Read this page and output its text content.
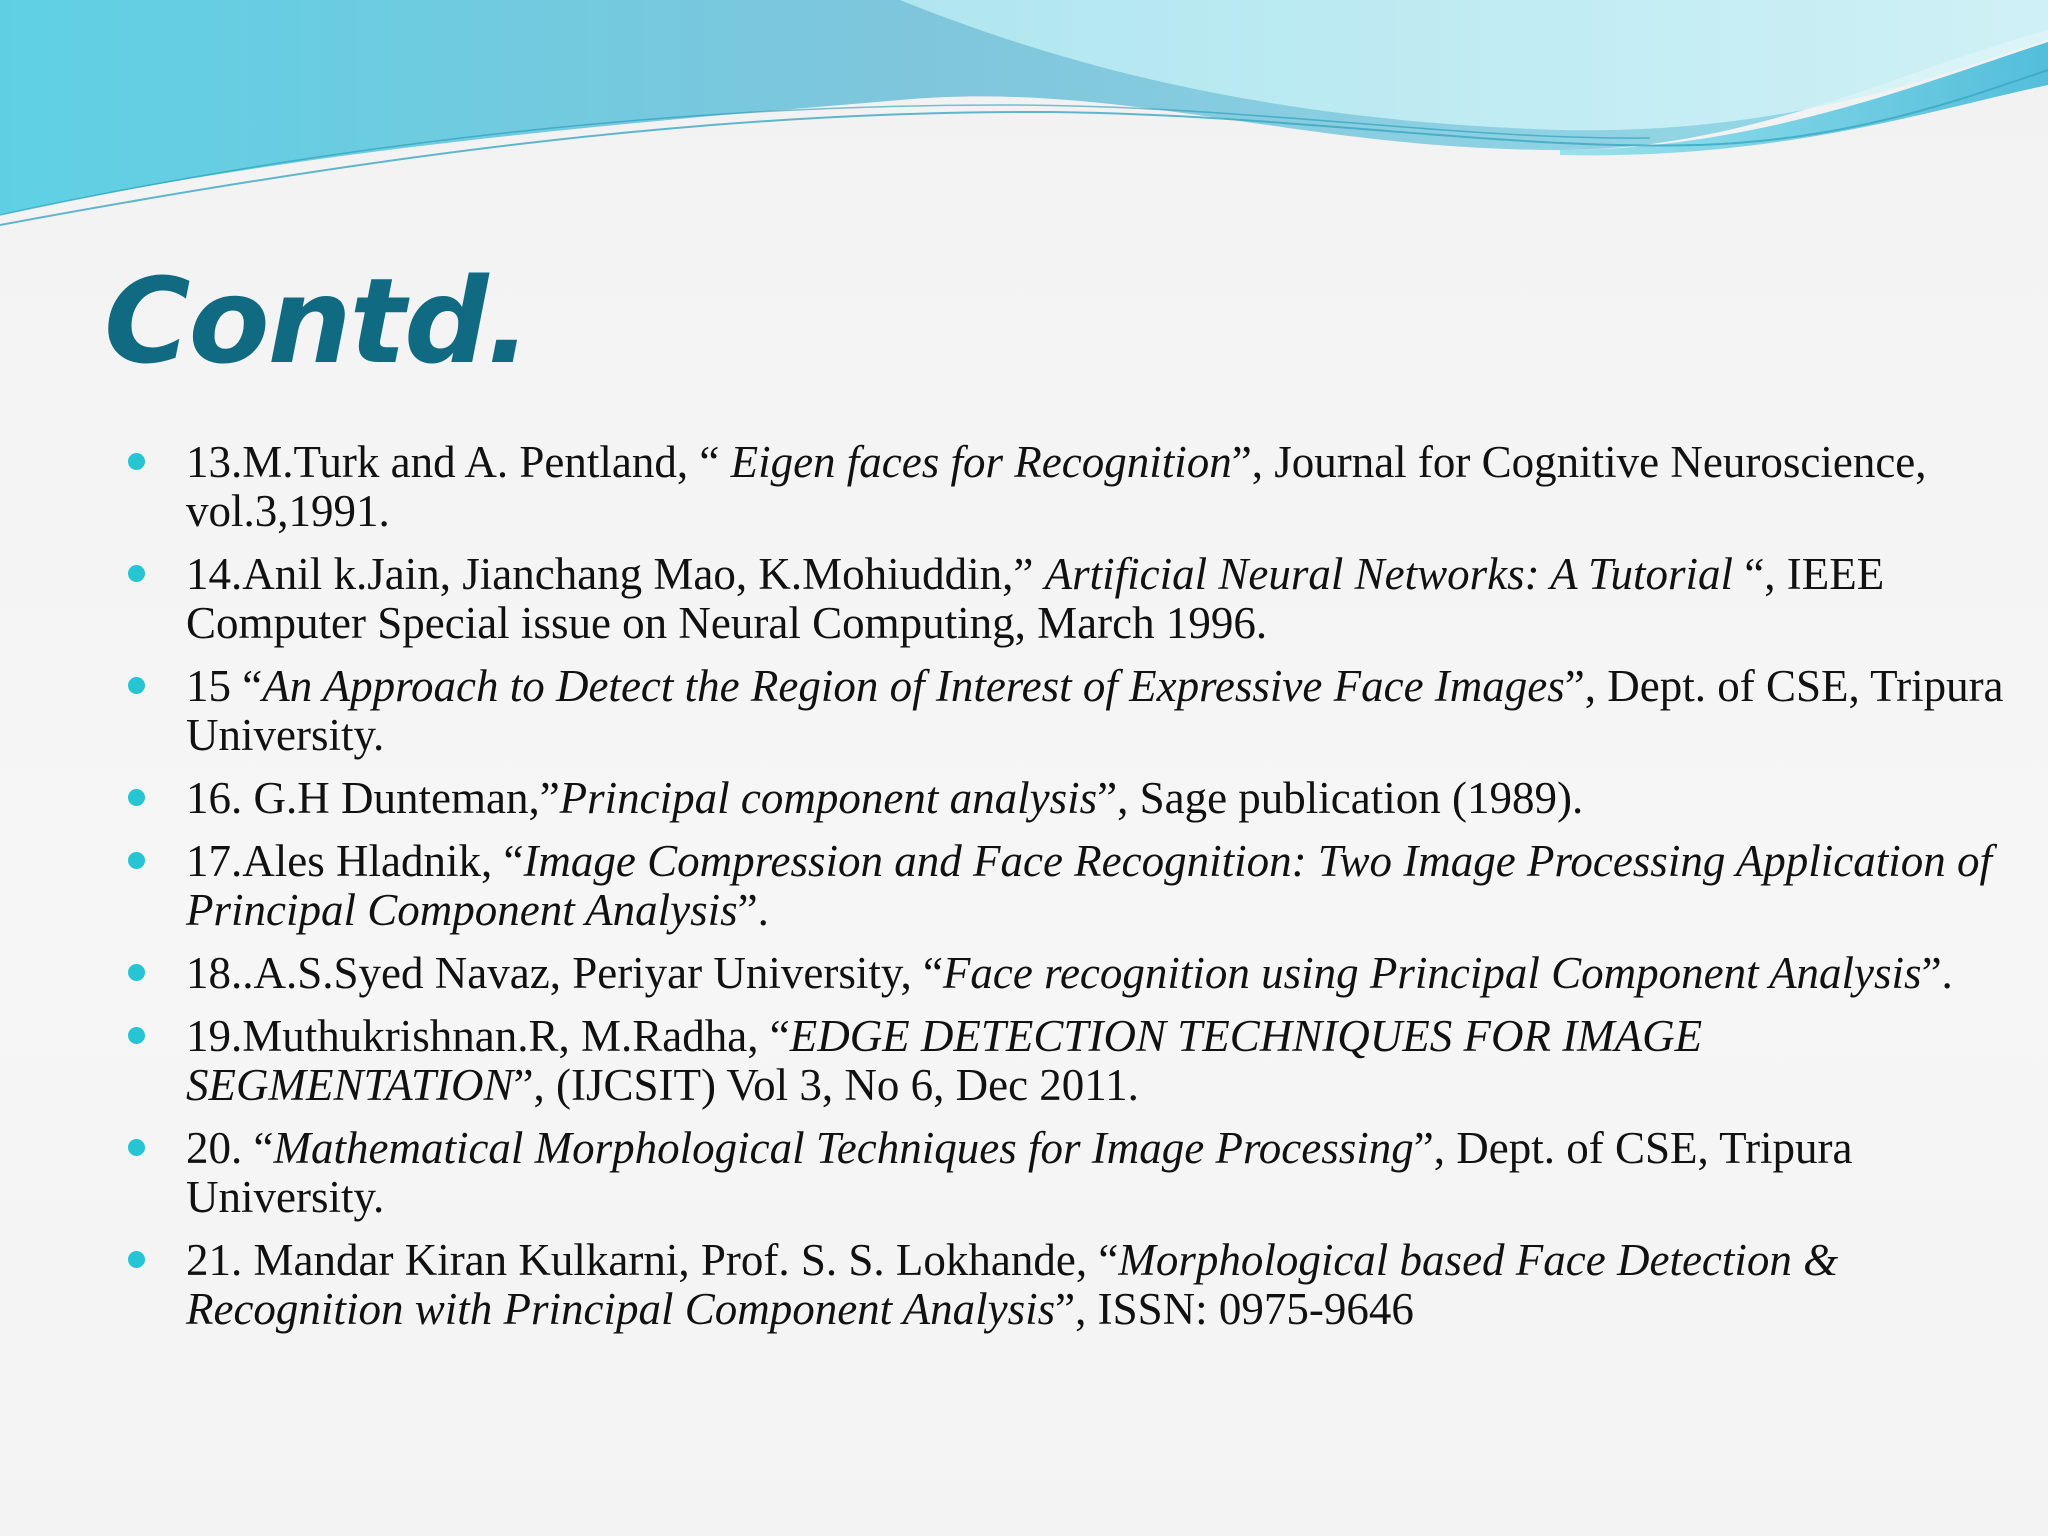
Contd.
13.M.Turk and A. Pentland, “ Eigen faces for Recognition”, Journal for Cognitive Neuroscience, vol.3,1991.
14.Anil k.Jain, Jianchang Mao, K.Mohiuddin,” Artificial Neural Networks: A Tutorial “, IEEE Computer Special issue on Neural Computing, March 1996.
15 “An Approach to Detect the Region of Interest of Expressive Face Images”, Dept. of CSE, Tripura University.
16. G.H Dunteman,”Principal component analysis”, Sage publication (1989).
17.Ales Hladnik, “Image Compression and Face Recognition: Two Image Processing Application of Principal Component Analysis”.
18..A.S.Syed Navaz, Periyar University, “Face recognition using Principal Component Analysis”.
19.Muthukrishnan.R, M.Radha, “EDGE DETECTION TECHNIQUES FOR IMAGE SEGMENTATION”, (IJCSIT) Vol 3, No 6, Dec 2011.
20. “Mathematical Morphological Techniques for Image Processing”, Dept. of CSE, Tripura University.
21. Mandar Kiran Kulkarni, Prof. S. S. Lokhande, “Morphological based Face Detection & Recognition with Principal Component Analysis”, ISSN: 0975-9646
